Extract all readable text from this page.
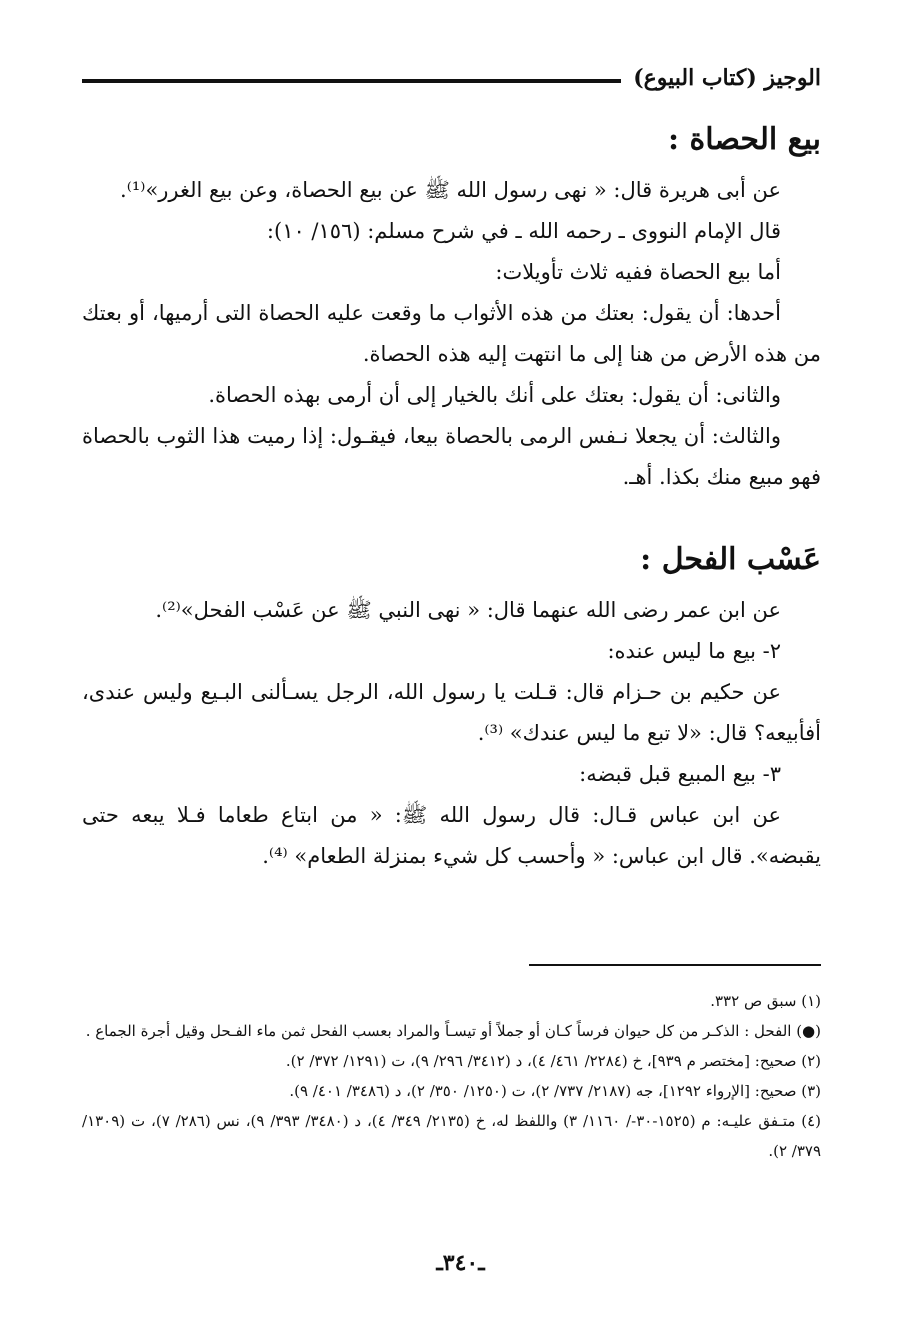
الوجيز (كتاب البيوع)
بيع الحصاة :

عن أبى هريرة قال: « نهى رسول الله ﷺ عن بيع الحصاة، وعن بيع الغرر»⁽¹⁾.

قال الإمام النووى ـ رحمه الله ـ في شرح مسلم: (١٥٦/ ١٠):

أما بيع الحصاة ففيه ثلاث تأويلات:

أحدها: أن يقول: بعتك من هذه الأثواب ما وقعت عليه الحصاة التى أرميها، أو بعتك من هذه الأرض من هنا إلى ما انتهت إليه هذه الحصاة.

والثانى: أن يقول: بعتك على أنك بالخيار إلى أن أرمى بهذه الحصاة.

والثالث: أن يجعلا نـفس الرمى بالحصاة بيعا، فيقـول: إذا رميت هذا الثوب بالحصاة فهو مبيع منك بكذا. أهـ.

عَسْب الفحل :

عن ابن عمر رضى الله عنهما قال: « نهى النبي ﷺ عن عَسْب الفحل»⁽²⁾.

٢- بيع ما ليس عنده:

عن حكيم بن حـزام قال: قـلت يا رسول الله، الرجل يسـألنى البـيع وليس عندى، أفأبيعه؟ قال: «لا تبع ما ليس عندك» ⁽³⁾.

٣- بيع المبيع قبل قبضه:

عن ابن عباس قـال: قال رسول الله ﷺ: « من ابتاع طعاما فـلا يبعه حتى يقبضه». قال ابن عباس: « وأحسب كل شيء بمنزلة الطعام» ⁽⁴⁾.

(١) سبق ص ٣٣٢.

(●) الفحل : الذكـر من كل حيوان فرساً كـان أو جملاً أو تيسـاً والمراد بعسب الفحل ثمن ماء الفـحل وقيل أجرة الجماع .

(٢) صحيح: [مختصر م ٩٣٩]، خ (٢٢٨٤/ ٤٦١/ ٤)، د (٣٤١٢/ ٢٩٦/ ٩)، ت (١٢٩١/ ٣٧٢/ ٢).

(٣) صحيح: [الإرواء ١٢٩٢]، جه (٢١٨٧/ ٧٣٧/ ٢)، ت (١٢٥٠/ ٣٥٠/ ٢)، د (٣٤٨٦/ ٤٠١/ ٩).

(٤) متـفق عليـه: م (١٥٢٥-٣٠-/ ١١٦٠/ ٣) واللفظ له، خ (٢١٣٥/ ٣٤٩/ ٤)، د (٣٤٨٠/ ٣٩٣/ ٩)، نس (٢٨٦/ ٧)، ت (١٣٠٩/ ٣٧٩/ ٢).

ـ٣٤٠ـ
